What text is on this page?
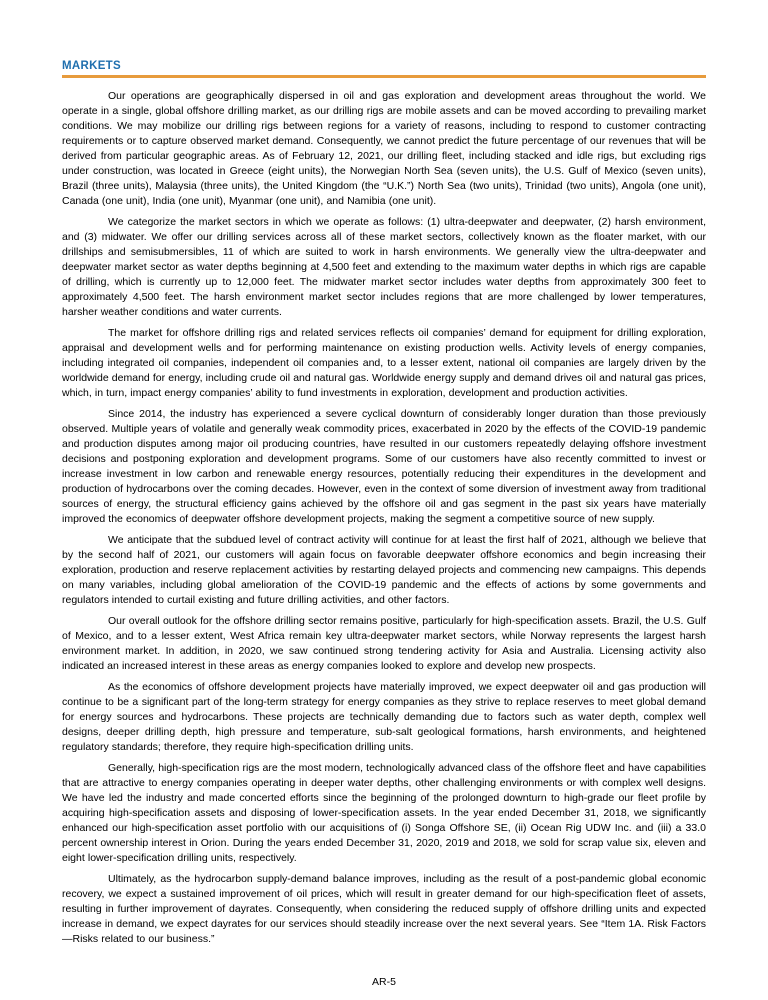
MARKETS

Our operations are geographically dispersed in oil and gas exploration and development areas throughout the world. We operate in a single, global offshore drilling market, as our drilling rigs are mobile assets and can be moved according to prevailing market conditions. We may mobilize our drilling rigs between regions for a variety of reasons, including to respond to customer contracting requirements or to capture observed market demand. Consequently, we cannot predict the future percentage of our revenues that will be derived from particular geographic areas. As of February 12, 2021, our drilling fleet, including stacked and idle rigs, but excluding rigs under construction, was located in Greece (eight units), the Norwegian North Sea (seven units), the U.S. Gulf of Mexico (seven units), Brazil (three units), Malaysia (three units), the United Kingdom (the “U.K.”) North Sea (two units), Trinidad (two units), Angola (one unit), Canada (one unit), India (one unit), Myanmar (one unit), and Namibia (one unit).

We categorize the market sectors in which we operate as follows: (1) ultra-deepwater and deepwater, (2) harsh environment, and (3) midwater. We offer our drilling services across all of these market sectors, collectively known as the floater market, with our drillships and semisubmersibles, 11 of which are suited to work in harsh environments. We generally view the ultra-deepwater and deepwater market sector as water depths beginning at 4,500 feet and extending to the maximum water depths in which rigs are capable of drilling, which is currently up to 12,000 feet. The midwater market sector includes water depths from approximately 300 feet to approximately 4,500 feet. The harsh environment market sector includes regions that are more challenged by lower temperatures, harsher weather conditions and water currents.

The market for offshore drilling rigs and related services reflects oil companies’ demand for equipment for drilling exploration, appraisal and development wells and for performing maintenance on existing production wells. Activity levels of energy companies, including integrated oil companies, independent oil companies and, to a lesser extent, national oil companies are largely driven by the worldwide demand for energy, including crude oil and natural gas. Worldwide energy supply and demand drives oil and natural gas prices, which, in turn, impact energy companies’ ability to fund investments in exploration, development and production activities.

Since 2014, the industry has experienced a severe cyclical downturn of considerably longer duration than those previously observed. Multiple years of volatile and generally weak commodity prices, exacerbated in 2020 by the effects of the COVID-19 pandemic and production disputes among major oil producing countries, have resulted in our customers repeatedly delaying offshore investment decisions and postponing exploration and development programs. Some of our customers have also recently committed to invest or increase investment in low carbon and renewable energy resources, potentially reducing their expenditures in the development and production of hydrocarbons over the coming decades. However, even in the context of some diversion of investment away from traditional sources of energy, the structural efficiency gains achieved by the offshore oil and gas segment in the past six years have materially improved the economics of deepwater offshore development projects, making the segment a competitive source of new supply.

We anticipate that the subdued level of contract activity will continue for at least the first half of 2021, although we believe that by the second half of 2021, our customers will again focus on favorable deepwater offshore economics and begin increasing their exploration, production and reserve replacement activities by restarting delayed projects and commencing new campaigns. This depends on many variables, including global amelioration of the COVID-19 pandemic and the effects of actions by some governments and regulators intended to curtail existing and future drilling activities, and other factors.

Our overall outlook for the offshore drilling sector remains positive, particularly for high-specification assets. Brazil, the U.S. Gulf of Mexico, and to a lesser extent, West Africa remain key ultra-deepwater market sectors, while Norway represents the largest harsh environment market. In addition, in 2020, we saw continued strong tendering activity for Asia and Australia. Licensing activity also indicated an increased interest in these areas as energy companies looked to explore and develop new prospects.

As the economics of offshore development projects have materially improved, we expect deepwater oil and gas production will continue to be a significant part of the long-term strategy for energy companies as they strive to replace reserves to meet global demand for energy sources and hydrocarbons. These projects are technically demanding due to factors such as water depth, complex well designs, deeper drilling depth, high pressure and temperature, sub-salt geological formations, harsh environments, and heightened regulatory standards; therefore, they require high-specification drilling units.

Generally, high-specification rigs are the most modern, technologically advanced class of the offshore fleet and have capabilities that are attractive to energy companies operating in deeper water depths, other challenging environments or with complex well designs. We have led the industry and made concerted efforts since the beginning of the prolonged downturn to high-grade our fleet profile by acquiring high-specification assets and disposing of lower-specification assets. In the year ended December 31, 2018, we significantly enhanced our high-specification asset portfolio with our acquisitions of (i) Songa Offshore SE, (ii) Ocean Rig UDW Inc. and (iii) a 33.0 percent ownership interest in Orion. During the years ended December 31, 2020, 2019 and 2018, we sold for scrap value six, eleven and eight lower-specification drilling units, respectively.

Ultimately, as the hydrocarbon supply-demand balance improves, including as the result of a post-pandemic global economic recovery, we expect a sustained improvement of oil prices, which will result in greater demand for our high-specification fleet of assets, resulting in further improvement of dayrates. Consequently, when considering the reduced supply of offshore drilling units and expected increase in demand, we expect dayrates for our services should steadily increase over the next several years. See “Item 1A. Risk Factors—Risks related to our business.”

AR-5
